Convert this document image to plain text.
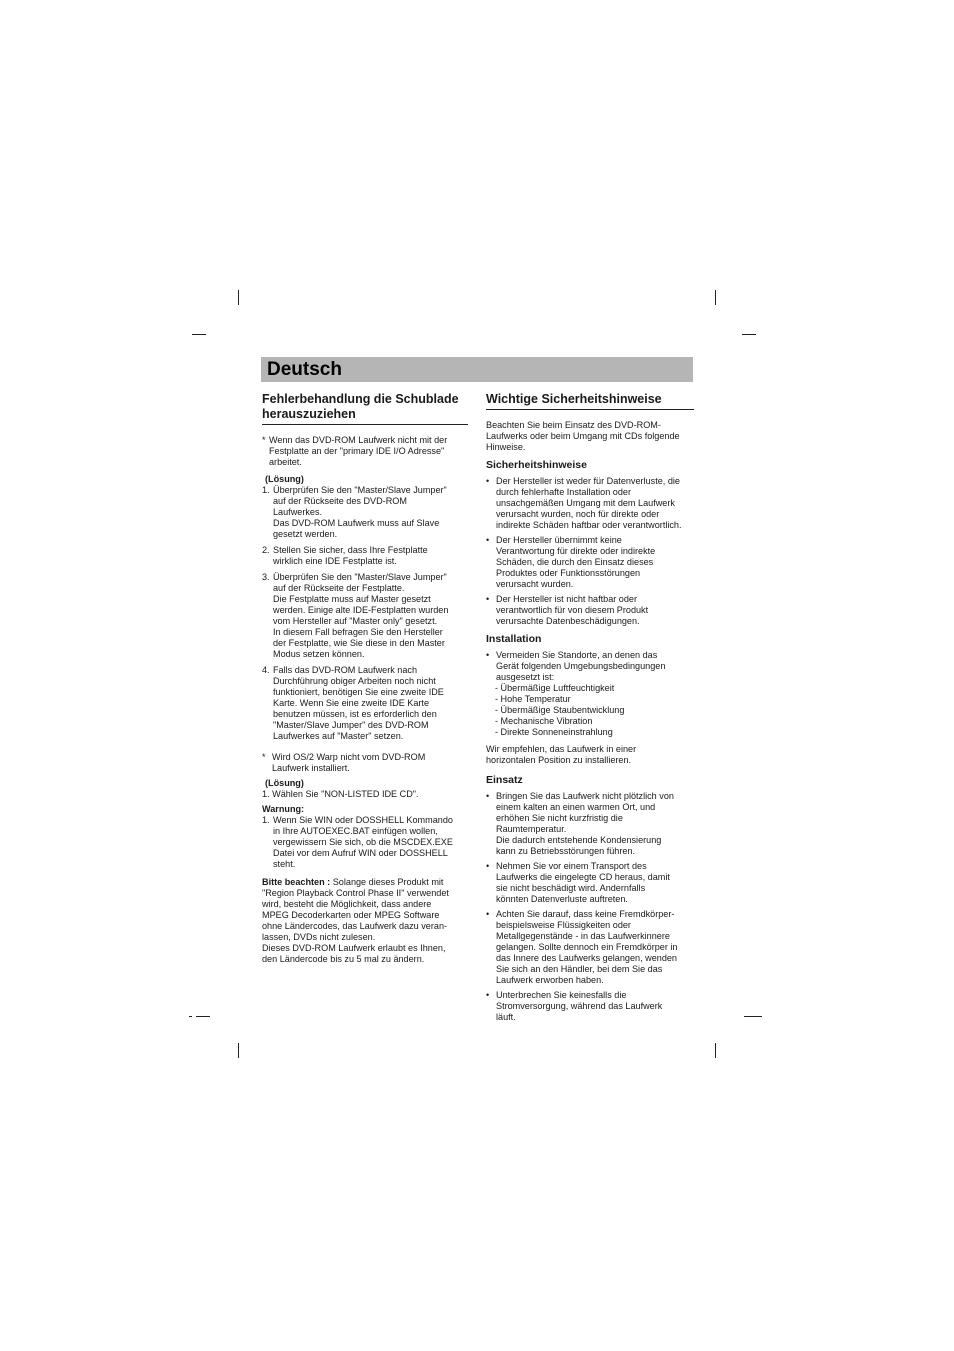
Deutsch
Fehlerbehandlung die Schublade
herauszuziehen
* Wenn das DVD-ROM Laufwerk nicht mit der
Festplatte an der "primary IDE I/O Adresse"
arbeitet.

(Lösung)

1. Überprüfen Sie den "Master/Slave Jumper"
auf der Rückseite des DVD-ROM
Laufwerkes.
Das DVD-ROM Laufwerk muss auf Slave
gesetzt werden.
2. Stellen Sie sicher, dass Ihre Festplatte
wirklich eine IDE Festplatte ist.
3. Überprüfen Sie den "Master/Slave Jumper"
auf der Rückseite der Festplatte.
Die Festplatte muss auf Master gesetzt
werden. Einige alte IDE-Festplatten wurden
vom Hersteller auf "Master only" gesetzt.
In diesem Fall befragen Sie den Hersteller
der Festplatte, wie Sie diese in den Master
Modus setzen können.
4. Falls das DVD-ROM Laufwerk nach
Durchführung obiger Arbeiten noch nicht
funktioniert, benötigen Sie eine zweite IDE
Karte. Wenn Sie eine zweite IDE Karte
benutzen müssen, ist es erforderlich den
"Master/Slave Jumper" des DVD-ROM
Laufwerkes auf "Master" setzen.
* Wird OS/2 Warp nicht vom DVD-ROM
Laufwerk installiert.

(Lösung)

1. Wählen Sie "NON-LISTED IDE CD".

Warnung:

1. Wenn Sie WIN oder DOSSHELL Kommando
in Ihre AUTOEXEC.BAT einfügen wollen,
vergewissern Sie sich, ob die MSCDEX.EXE
Datei vor dem Aufruf WIN oder DOSSHELL
steht.
Bitte beachten : Solange dieses Produkt mit
"Region Playback Control Phase II" verwendet
wird, besteht die Möglichkeit, dass andere
MPEG Decoderkarten oder MPEG Software
ohne Ländercodes, das Laufwerk dazu veran-
lassen, DVDs nicht zulesen.
Dieses DVD-ROM Laufwerk erlaubt es Ihnen,
den Ländercode bis zu 5 mal zu ändern.
Wichtige Sicherheitshinweise
Beachten Sie beim Einsatz des DVD-ROM-
Laufwerks oder beim Umgang mit CDs folgende
Hinweise.
Sicherheitshinweise
• Der Hersteller ist weder für Datenverluste, die
durch fehlerhafte Installation oder
unsachgemäßen Umgang mit dem Laufwerk
verursacht wurden, noch für direkte oder
indirekte Schäden haftbar oder verantwortlich.
• Der Hersteller übernimmt keine
Verantwortung für direkte oder indirekte
Schäden, die durch den Einsatz dieses
Produktes oder Funktionsstörungen
verursacht wurden.
• Der Hersteller ist nicht haftbar oder
verantwortlich für von diesem Produkt
verursachte Datenbeschädigungen.
Installation
• Vermeiden Sie Standorte, an denen das
Gerät folgenden Umgebungsbedingungen
ausgesetzt ist:
- Übermäßige Luftfeuchtigkeit
- Hohe Temperatur
- Übermäßige Staubentwicklung
- Mechanische Vibration
- Direkte Sonneneinstrahlung
Wir empfehlen, das Laufwerk in einer
horizontalen Position zu installieren.
Einsatz
• Bringen Sie das Laufwerk nicht plötzlich von
einem kalten an einen warmen Ort, und
erhöhen Sie nicht kurzfristig die
Raumtemperatur.
Die dadurch entstehende Kondensierung
kann zu Betriebsstörungen führen.
• Nehmen Sie vor einem Transport des
Laufwerks die eingelegte CD heraus, damit
sie nicht beschädigt wird. Andernfalls
könnten Datenverluste auftreten.
• Achten Sie darauf, dass keine Fremdkörper-
beispielsweise Flüssigkeiten oder
Metallgegenstände - in das Laufwerkinnere
gelangen. Sollte dennoch ein Fremdkörper in
das Innere des Laufwerks gelangen, wenden
Sie sich an den Händler, bei dem Sie das
Laufwerk erworben haben.
• Unterbrechen Sie keinesfalls die
Stromversorgung, während das Laufwerk
läuft.
